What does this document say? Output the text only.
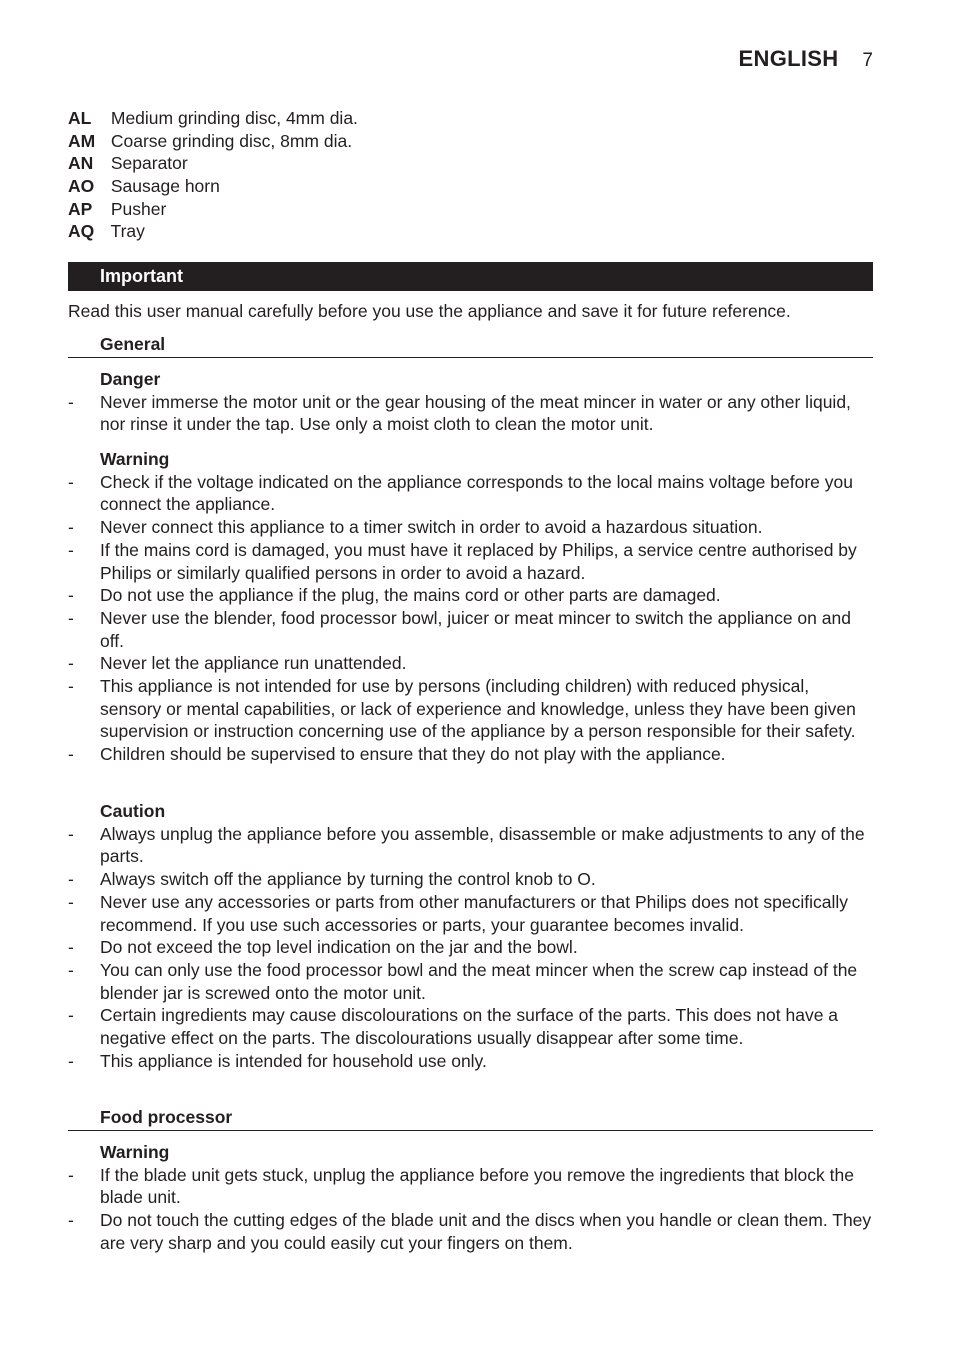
ENGLISH 7
AL Medium grinding disc, 4mm dia.
AM Coarse grinding disc, 8mm dia.
AN Separator
AO Sausage horn
AP Pusher
AQ Tray
Important
Read this user manual carefully before you use the appliance and save it for future reference.
General
Danger
- Never immerse the motor unit or the gear housing of the meat mincer in water or any other liquid, nor rinse it under the tap. Use only a moist cloth to clean the motor unit.
Warning
- Check if the voltage indicated on the appliance corresponds to the local mains voltage before you connect the appliance.
- Never connect this appliance to a timer switch in order to avoid a hazardous situation.
- If the mains cord is damaged, you must have it replaced by Philips, a service centre authorised by Philips or similarly qualified persons in order to avoid a hazard.
- Do not use the appliance if the plug, the mains cord or other parts are damaged.
- Never use the blender, food processor bowl, juicer or meat mincer to switch the appliance on and off.
- Never let the appliance run unattended.
- This appliance is not intended for use by persons (including children) with reduced physical, sensory or mental capabilities, or lack of experience and knowledge, unless they have been given supervision or instruction concerning use of the appliance by a person responsible for their safety.
- Children should be supervised to ensure that they do not play with the appliance.
Caution
- Always unplug the appliance before you assemble, disassemble or make adjustments to any of the parts.
- Always switch off the appliance by turning the control knob to O.
- Never use any accessories or parts from other manufacturers or that Philips does not specifically recommend. If you use such accessories or parts, your guarantee becomes invalid.
- Do not exceed the top level indication on the jar and the bowl.
- You can only use the food processor bowl and the meat mincer when the screw cap instead of the blender jar is screwed onto the motor unit.
- Certain ingredients may cause discolourations on the surface of the parts. This does not have a negative effect on the parts. The discolourations usually disappear after some time.
- This appliance is intended for household use only.
Food processor
Warning
- If the blade unit gets stuck, unplug the appliance before you remove the ingredients that block the blade unit.
- Do not touch the cutting edges of the blade unit and the discs when you handle or clean them. They are very sharp and you could easily cut your fingers on them.
